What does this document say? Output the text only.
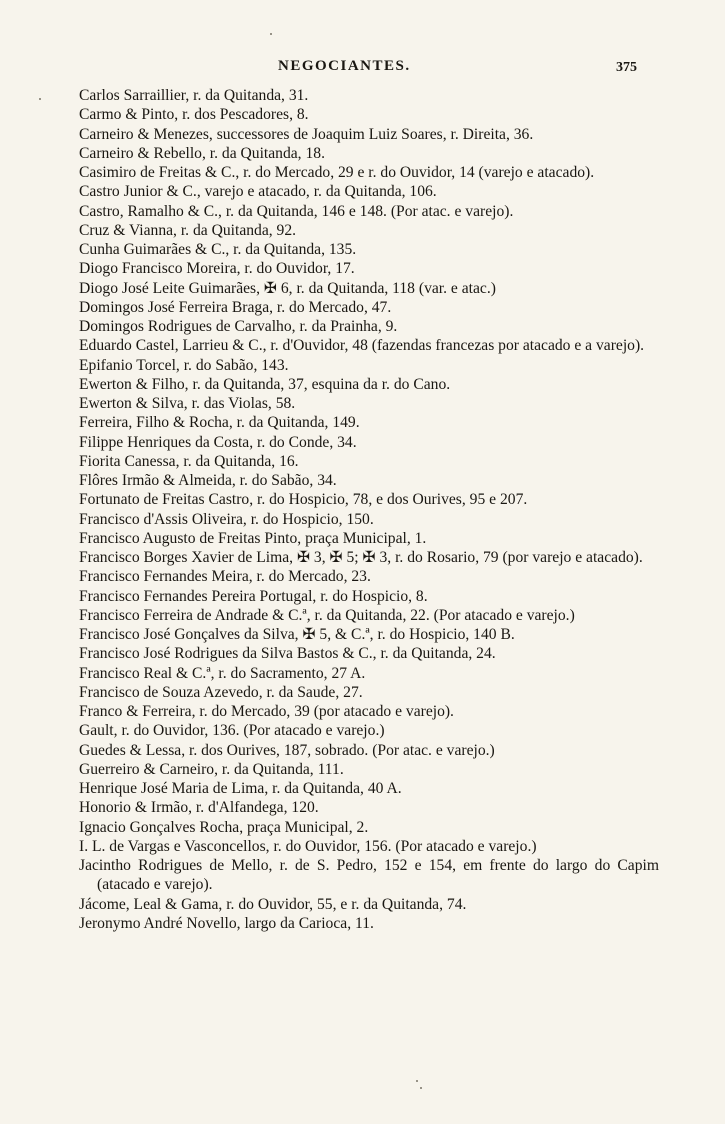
NEGOCIANTES.	375
Carlos Sarraillier, r. da Quitanda, 31.
Carmo & Pinto, r. dos Pescadores, 8.
Carneiro & Menezes, successores de Joaquim Luiz Soares, r. Direita, 36.
Carneiro & Rebello, r. da Quitanda, 18.
Casimiro de Freitas & C., r. do Mercado, 29 e r. do Ouvidor, 14 (varejo e atacado).
Castro Junior & C., varejo e atacado, r. da Quitanda, 106.
Castro, Ramalho & C., r. da Quitanda, 146 e 148. (Por atac. e varejo).
Cruz & Vianna, r. da Quitanda, 92.
Cunha Guimarães & C., r. da Quitanda, 135.
Diogo Francisco Moreira, r. do Ouvidor, 17.
Diogo José Leite Guimarães, ✠ 6, r. da Quitanda, 118 (var. e atac.)
Domingos José Ferreira Braga, r. do Mercado, 47.
Domingos Rodrigues de Carvalho, r. da Prainha, 9.
Eduardo Castel, Larrieu & C., r. d'Ouvidor, 48 (fazendas francezas por atacado e a varejo).
Epifanio Torcel, r. do Sabão, 143.
Ewerton & Filho, r. da Quitanda, 37, esquina da r. do Cano.
Ewerton & Silva, r. das Violas, 58.
Ferreira, Filho & Rocha, r. da Quitanda, 149.
Filippe Henriques da Costa, r. do Conde, 34.
Fiorita Canessa, r. da Quitanda, 16.
Flôres Irmão & Almeida, r. do Sabão, 34.
Fortunato de Freitas Castro, r. do Hospicio, 78, e dos Ourives, 95 e 207.
Francisco d'Assis Oliveira, r. do Hospicio, 150.
Francisco Augusto de Freitas Pinto, praça Municipal, 1.
Francisco Borges Xavier de Lima, ✠ 3, ✠ 5; ✠ 3, r. do Rosario, 79 (por varejo e atacado).
Francisco Fernandes Meira, r. do Mercado, 23.
Francisco Fernandes Pereira Portugal, r. do Hospicio, 8.
Francisco Ferreira de Andrade & C.ª, r. da Quitanda, 22. (Por atacado e varejo.)
Francisco José Gonçalves da Silva, ✠ 5, & C.ª, r. do Hospicio, 140 B.
Francisco José Rodrigues da Silva Bastos & C., r. da Quitanda, 24.
Francisco Real & C.ª, r. do Sacramento, 27 A.
Francisco de Souza Azevedo, r. da Saude, 27.
Franco & Ferreira, r. do Mercado, 39 (por atacado e varejo).
Gault, r. do Ouvidor, 136. (Por atacado e varejo.)
Guedes & Lessa, r. dos Ourives, 187, sobrado. (Por atac. e varejo.)
Guerreiro & Carneiro, r. da Quitanda, 111.
Henrique José Maria de Lima, r. da Quitanda, 40 A.
Honorio & Irmão, r. d'Alfandega, 120.
Ignacio Gonçalves Rocha, praça Municipal, 2.
I. L. de Vargas e Vasconcellos, r. do Ouvidor, 156. (Por atacado e varejo.)
Jacintho Rodrigues de Mello, r. de S. Pedro, 152 e 154, em frente do largo do Capim (atacado e varejo).
Jácome, Leal & Gama, r. do Ouvidor, 55, e r. da Quitanda, 74.
Jeronymo André Novello, largo da Carioca, 11.
